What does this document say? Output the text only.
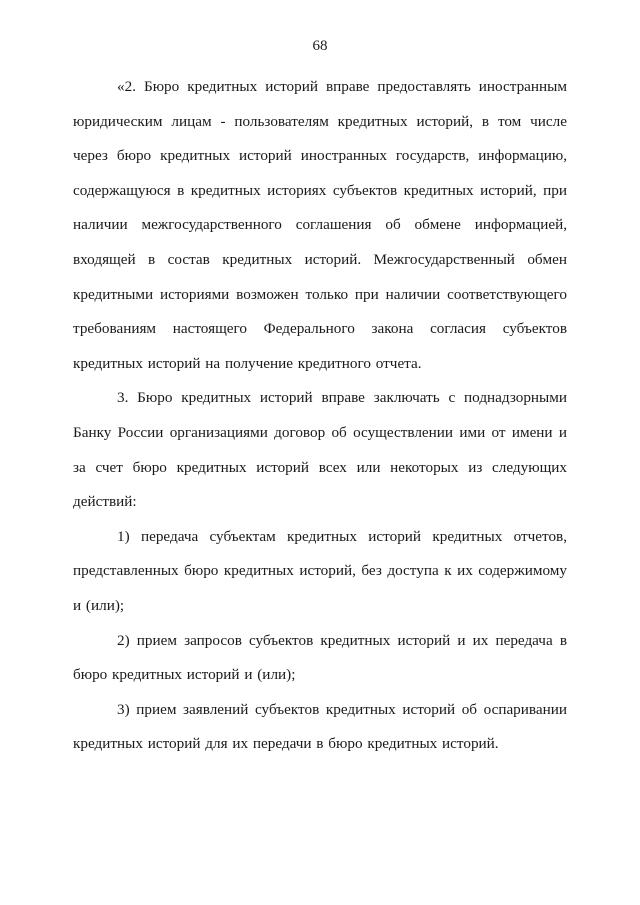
68

«2. Бюро кредитных историй вправе предоставлять иностранным юридическим лицам - пользователям кредитных историй, в том числе через бюро кредитных историй иностранных государств, информацию, содержащуюся в кредитных историях субъектов кредитных историй, при наличии межгосударственного соглашения об обмене информацией, входящей в состав кредитных историй. Межгосударственный обмен кредитными историями возможен только при наличии соответствующего требованиям настоящего Федерального закона согласия субъектов кредитных историй на получение кредитного отчета.

3. Бюро кредитных историй вправе заключать с поднадзорными Банку России организациями договор об осуществлении ими от имени и за счет бюро кредитных историй всех или некоторых из следующих действий:

1) передача субъектам кредитных историй кредитных отчетов, представленных бюро кредитных историй, без доступа к их содержимому и (или);

2) прием запросов субъектов кредитных историй и их передача в бюро кредитных историй и (или);

3) прием заявлений субъектов кредитных историй об оспаривании кредитных историй для их передачи в бюро кредитных историй.
